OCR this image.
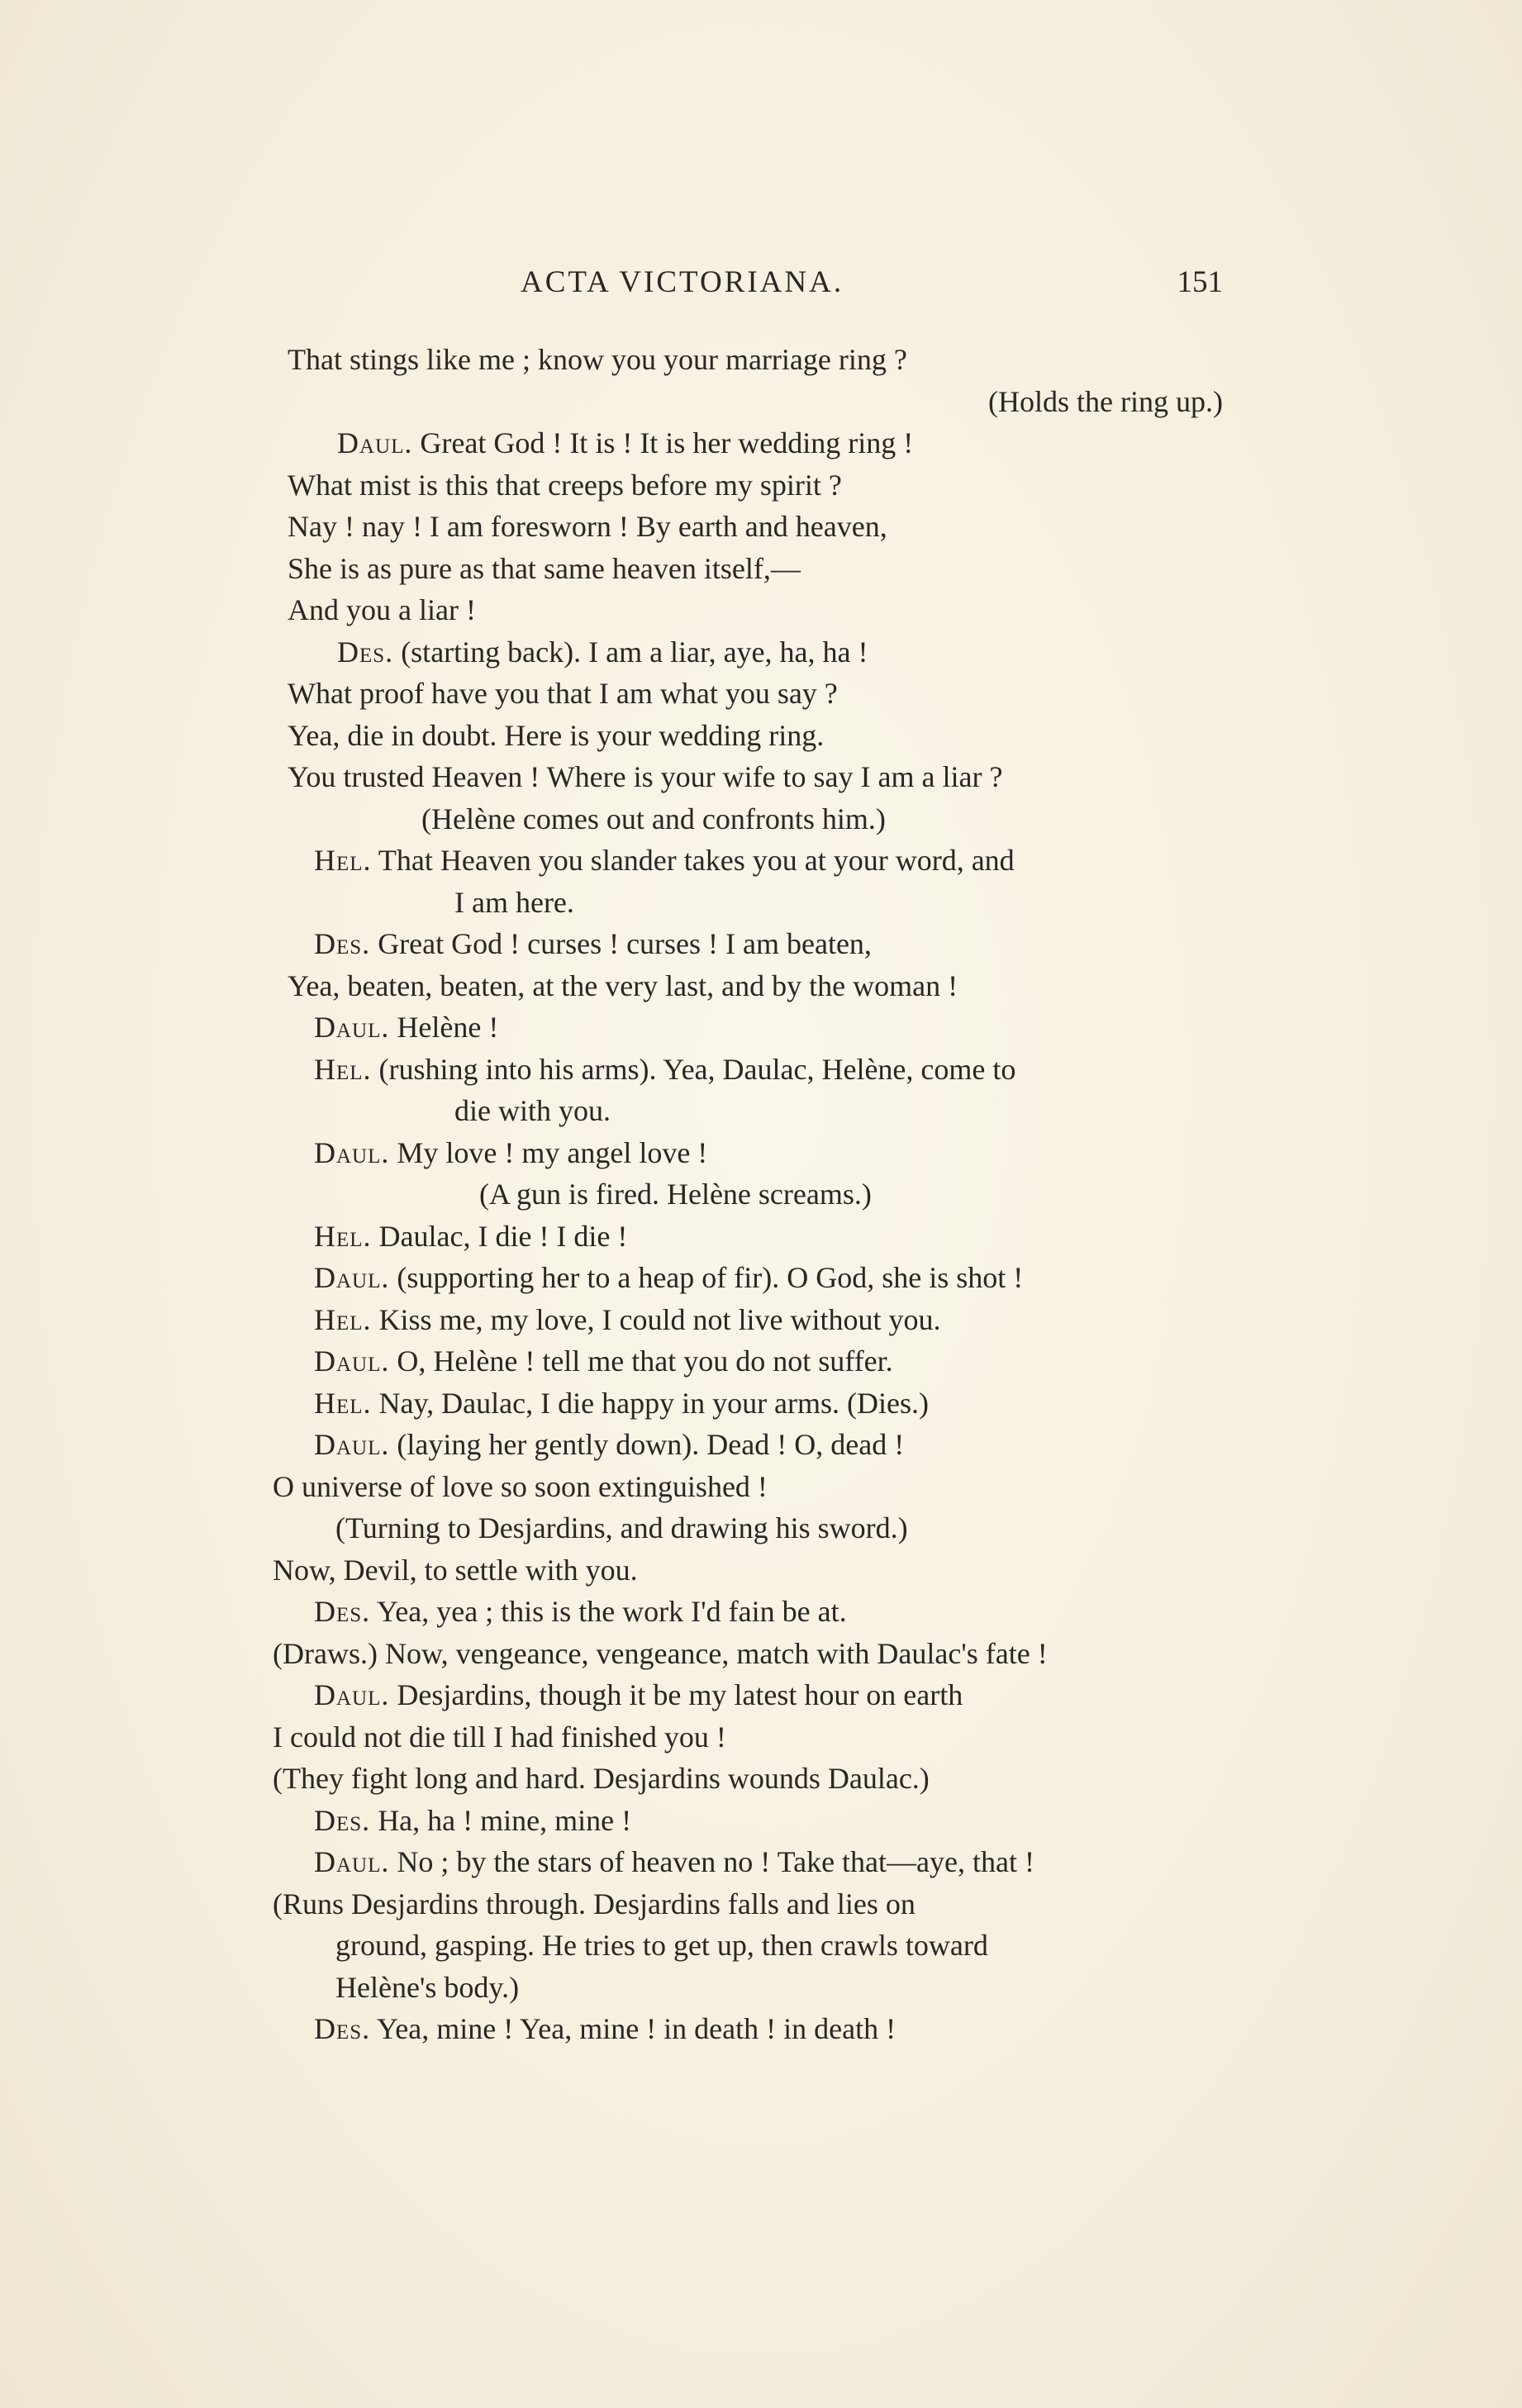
ACTA VICTORIANA.	151
That stings like me ; know you your marriage ring ?
(Holds the ring up.)
Daul. Great God ! It is ! It is her wedding ring !
What mist is this that creeps before my spirit ?
Nay ! nay ! I am foresworn ! By earth and heaven,
She is as pure as that same heaven itself,—
And you a liar !
Des. (starting back). I am a liar, aye, ha, ha !
What proof have you that I am what you say ?
Yea, die in doubt. Here is your wedding ring.
You trusted Heaven ! Where is your wife to say I am a liar ?
(Helène comes out and confronts him.)
Hel. That Heaven you slander takes you at your word, and
I am here.
Des. Great God ! curses ! curses ! I am beaten,
Yea, beaten, beaten, at the very last, and by the woman !
Daul. Helène !
Hel. (rushing into his arms). Yea, Daulac, Helène, come to
die with you.
Daul. My love ! my angel love !
(A gun is fired. Helène screams.)
Hel. Daulac, I die ! I die !
Daul. (supporting her to a heap of fir). O God, she is shot !
Hel. Kiss me, my love, I could not live without you.
Daul. O, Helène ! tell me that you do not suffer.
Hel. Nay, Daulac, I die happy in your arms. (Dies.)
Daul. (laying her gently down). Dead ! O, dead !
O universe of love so soon extinguished !
(Turning to Desjardins, and drawing his sword.)
Now, Devil, to settle with you.
Des. Yea, yea ; this is the work I'd fain be at.
(Draws.) Now, vengeance, vengeance, match with Daulac's fate !
Daul. Desjardins, though it be my latest hour on earth
I could not die till I had finished you !
(They fight long and hard. Desjardins wounds Daulac.)
Des. Ha, ha ! mine, mine !
Daul. No ; by the stars of heaven no ! Take that—aye, that !
(Runs Desjardins through. Desjardins falls and lies on
ground, gasping. He tries to get up, then crawls toward
Helène's body.)
Des. Yea, mine ! Yea, mine ! in death ! in death !
